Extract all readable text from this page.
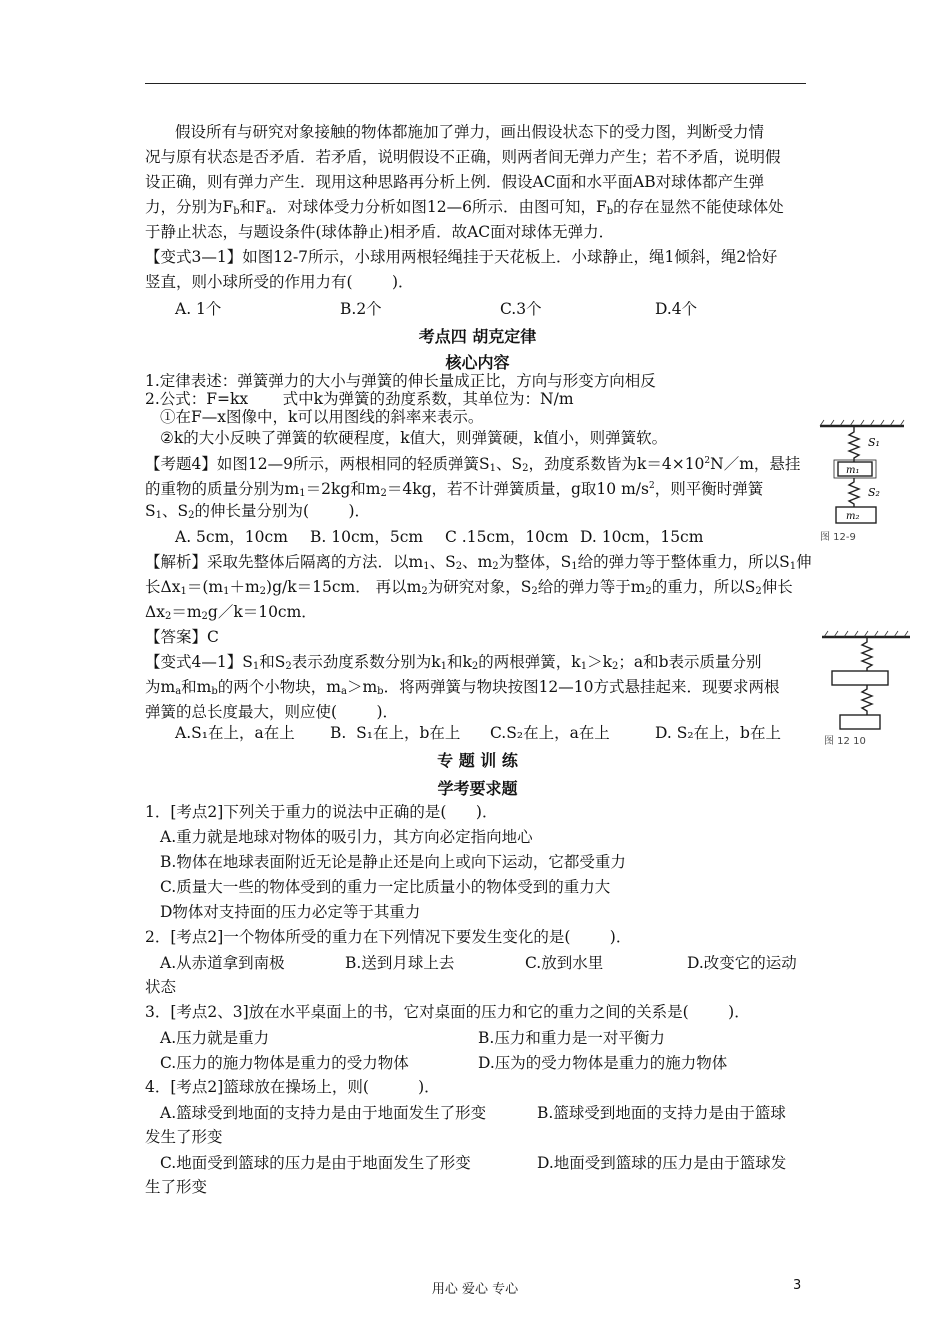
假设所有与研究对象接触的物体都施加了弹力，画出假设状态下的受力图，判断受力情
况与原有状态是否矛盾．若矛盾，说明假设不正确，则两者间无弹力产生；若不矛盾，说明假
设正确，则有弹力产生．现用这种思路再分析上例．假设AC面和水平面AB对球体都产生弹
力，分别为Fb和Fa．对球体受力分析如图12—6所示．由图可知，Fb的存在显然不能使球体处
于静止状态，与题设条件(球体静止)相矛盾．故AC面对球体无弹力．
【变式3—1】如图12-7所示，小球用两根轻绳挂于天花板上．小球静止，绳1倾斜，绳2恰好
竖直，则小球所受的作用力有(        )．
A. 1个	B.2个	C.3个	D.4个
考点四 胡克定律
核心内容
1.定律表述：弹簧弹力的大小与弹簧的伸长量成正比，方向与形变方向相反
2.公式：F=kx       式中k为弹簧的劲度系数，其单位为：N/m
①在F—x图像中，k可以用图线的斜率来表示。
②k的大小反映了弹簧的软硬程度，k值大，则弹簧硬，k值小，则弹簧软。
【考题4】如图12—9所示，两根相同的轻质弹簧S1、S2，劲度系数皆为$k=4\times 10^2N/m$，悬挂
的重物的质量分别为m1＝2kg和m2＝4kg，若不计弹簧质量，g取10 $m/s^2$，则平衡时弹簧
S1、S2的伸长量分别为(        )．
A. 5cm，10cm B. 10cm，5cm C .15cm，10cm D. 10cm，15cm
【解析】采取先整体后隔离的方法．以m1、S2、m2为整体，S1给的弹力等于整体重力，所以S1伸
长Δx1＝(m1＋m2)g/k＝15cm． 再以m2为研究对象，S2给的弹力等于m2的重力，所以S2伸长
Δx2＝m2g／k＝10cm．
【答案】C
【变式4—1】S1和S2表示劲度系数分别为k1和k2的两根弹簧，k1＞k2；a和b表示质量分别
为ma和mb的两个小物块，ma＞mb．将两弹簧与物块按图12—10方式悬挂起来．现要求两根
弹簧的总长度最大，则应使(        )．
A.S₁在上，a在上 B.  S₁在上，b在上 C.S₂在上，a在上	D. S₂在上，b在上
专 题 训 练
学考要求题
1．[考点2]下列关于重力的说法中正确的是(      )．
A.重力就是地球对物体的吸引力，其方向必定指向地心
B.物体在地球表面附近无论是静止还是向上或向下运动，它都受重力
C.质量大一些的物体受到的重力一定比质量小的物体受到的重力大
D物体对支持面的压力必定等于其重力
2．[考点2]一个物体所受的重力在下列情况下要发生变化的是(        )．
A.从赤道拿到南极	B.送到月球上去	C.放到水里	D.改变它的运动
状态
3．[考点2、3]放在水平桌面上的书，它对桌面的压力和它的重力之间的关系是(        )．
A.压力就是重力	B.压力和重力是一对平衡力
C.压力的施力物体是重力的受力物体	D.压为的受力物体是重力的施力物体
4．[考点2]篮球放在操场上，则(          )．
A.篮球受到地面的支持力是由于地面发生了形变	B.篮球受到地面的支持力是由于篮球
发生了形变
C.地面受到篮球的压力是由于地面发生了形变	D.地面受到篮球的压力是由于篮球发
生了形变
S₁
m₁
S₂
m₂
图 12-9
图 12 10
用心 爱心 专心	3
